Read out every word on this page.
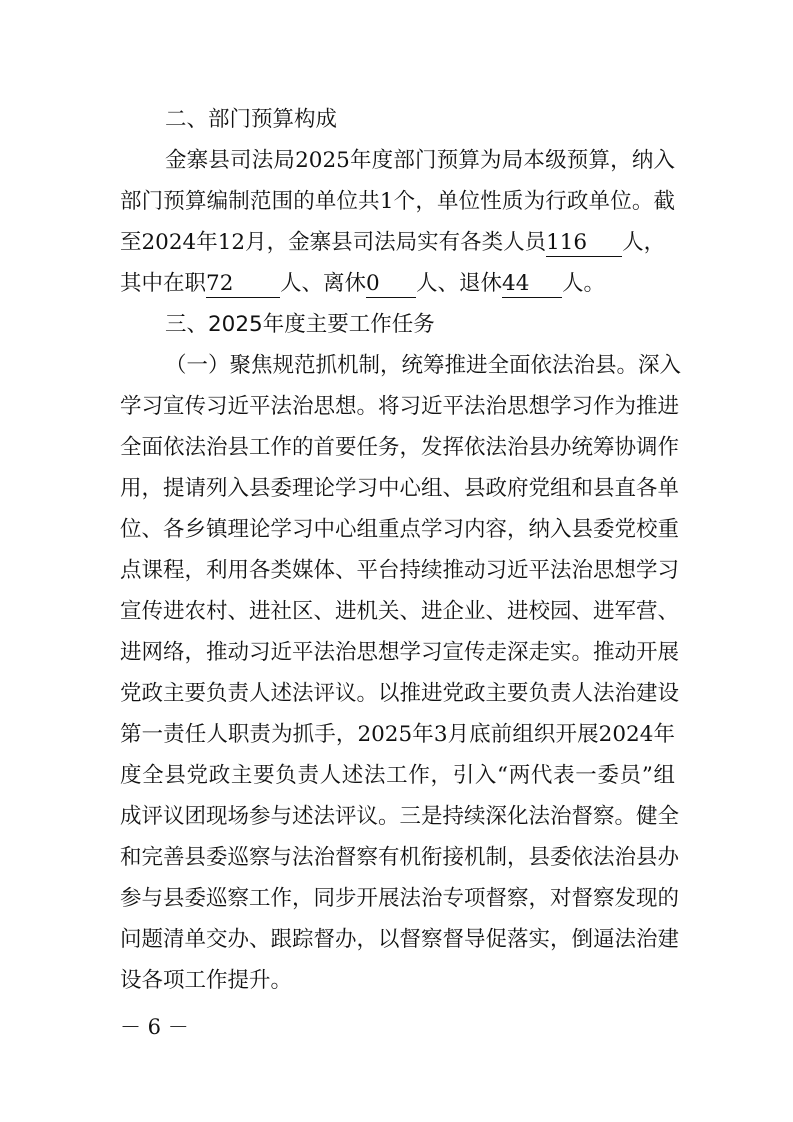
二、部门预算构成
金寨县司法局2025年度部门预算为局本级预算，纳入
部门预算编制范围的单位共1个，单位性质为行政单位。截
至2024年12月，金寨县司法局实有各类人员116 人，
其中在职72 人、离休0 人、退休44 人。
三、2025年度主要工作任务
（一）聚焦规范抓机制，统筹推进全面依法治县。深入
学习宣传习近平法治思想。将习近平法治思想学习作为推进
全面依法治县工作的首要任务，发挥依法治县办统筹协调作
用，提请列入县委理论学习中心组、县政府党组和县直各单
位、各乡镇理论学习中心组重点学习内容，纳入县委党校重
点课程，利用各类媒体、平台持续推动习近平法治思想学习
宣传进农村、进社区、进机关、进企业、进校园、进军营、
进网络，推动习近平法治思想学习宣传走深走实。推动开展
党政主要负责人述法评议。以推进党政主要负责人法治建设
第一责任人职责为抓手，2025年3月底前组织开展2024年
度全县党政主要负责人述法工作，引入“两代表一委员”组
成评议团现场参与述法评议。三是持续深化法治督察。健全
和完善县委巡察与法治督察有机衔接机制，县委依法治县办
参与县委巡察工作，同步开展法治专项督察，对督察发现的
问题清单交办、跟踪督办，以督察督导促落实，倒逼法治建
设各项工作提升。
－ 6 －
